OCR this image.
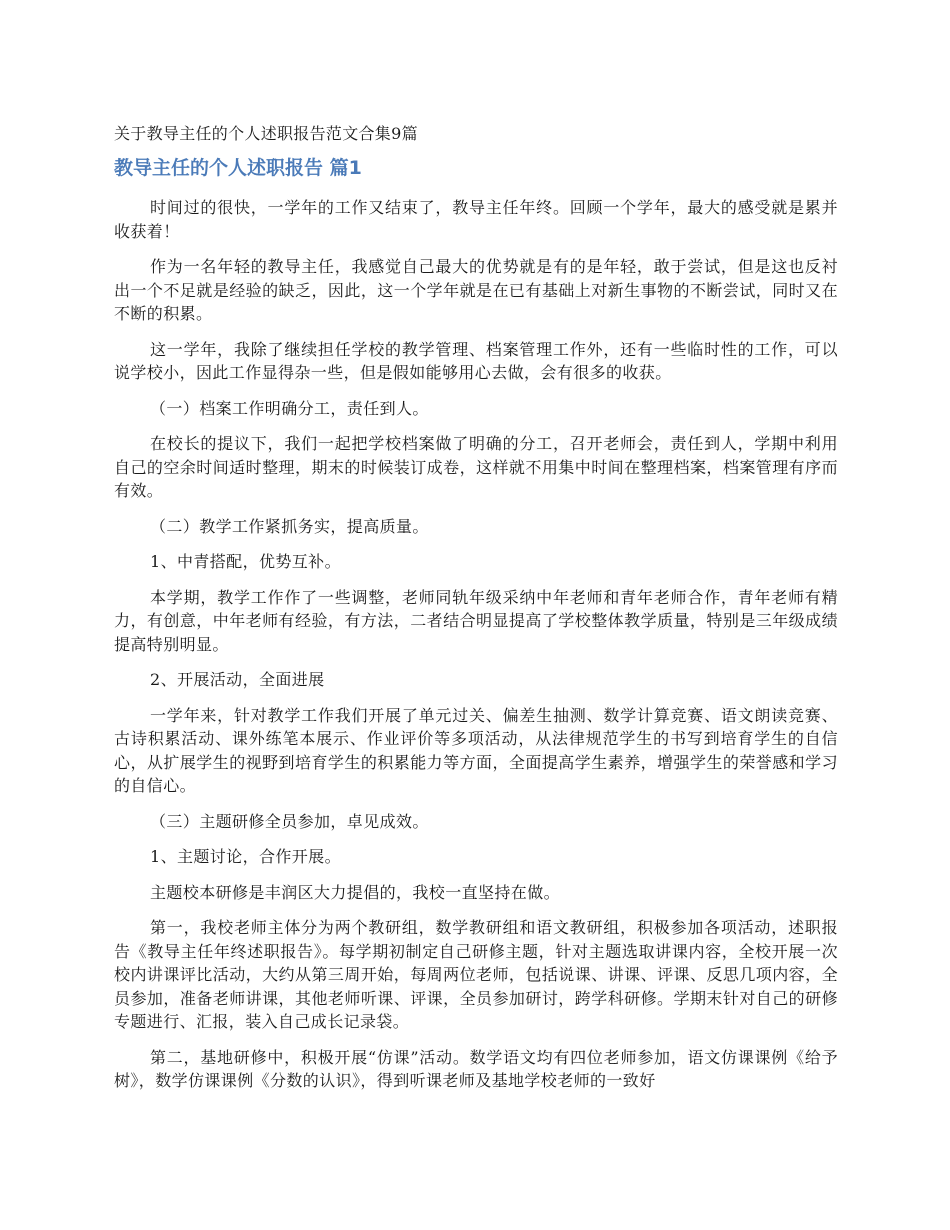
关于教导主任的个人述职报告范文合集9篇
教导主任的个人述职报告 篇1

时间过的很快，一学年的工作又结束了，教导主任年终。回顾一个学年，最大的感受就是累并收获着！

作为一名年轻的教导主任，我感觉自己最大的优势就是有的是年轻，敢于尝试，但是这也反衬出一个不足就是经验的缺乏，因此，这一个学年就是在已有基础上对新生事物的不断尝试，同时又在不断的积累。

这一学年，我除了继续担任学校的教学管理、档案管理工作外，还有一些临时性的工作，可以说学校小，因此工作显得杂一些，但是假如能够用心去做，会有很多的收获。

（一）档案工作明确分工，责任到人。

在校长的提议下，我们一起把学校档案做了明确的分工，召开老师会，责任到人，学期中利用自己的空余时间适时整理，期末的时候装订成卷，这样就不用集中时间在整理档案，档案管理有序而有效。

（二）教学工作紧抓务实，提高质量。

1、中青搭配，优势互补。

本学期，教学工作作了一些调整，老师同轨年级采纳中年老师和青年老师合作，青年老师有精力，有创意，中年老师有经验，有方法，二者结合明显提高了学校整体教学质量，特别是三年级成绩提高特别明显。

2、开展活动，全面进展

一学年来，针对教学工作我们开展了单元过关、偏差生抽测、数学计算竞赛、语文朗读竞赛、古诗积累活动、课外练笔本展示、作业评价等多项活动，从法律规范学生的书写到培育学生的自信心，从扩展学生的视野到培育学生的积累能力等方面，全面提高学生素养，增强学生的荣誉感和学习的自信心。

（三）主题研修全员参加，卓见成效。

1、主题讨论，合作开展。

主题校本研修是丰润区大力提倡的，我校一直坚持在做。

第一，我校老师主体分为两个教研组，数学教研组和语文教研组，积极参加各项活动，述职报告《教导主任年终述职报告》。每学期初制定自己研修主题，针对主题选取讲课内容，全校开展一次校内讲课评比活动，大约从第三周开始，每周两位老师，包括说课、讲课、评课、反思几项内容，全员参加，准备老师讲课，其他老师听课、评课，全员参加研讨，跨学科研修。学期末针对自己的研修专题进行、汇报，装入自己成长记录袋。

第二，基地研修中，积极开展“仿课”活动。数学语文均有四位老师参加，语文仿课课例《给予树》，数学仿课课例《分数的认识》，得到听课老师及基地学校老师的一致好
